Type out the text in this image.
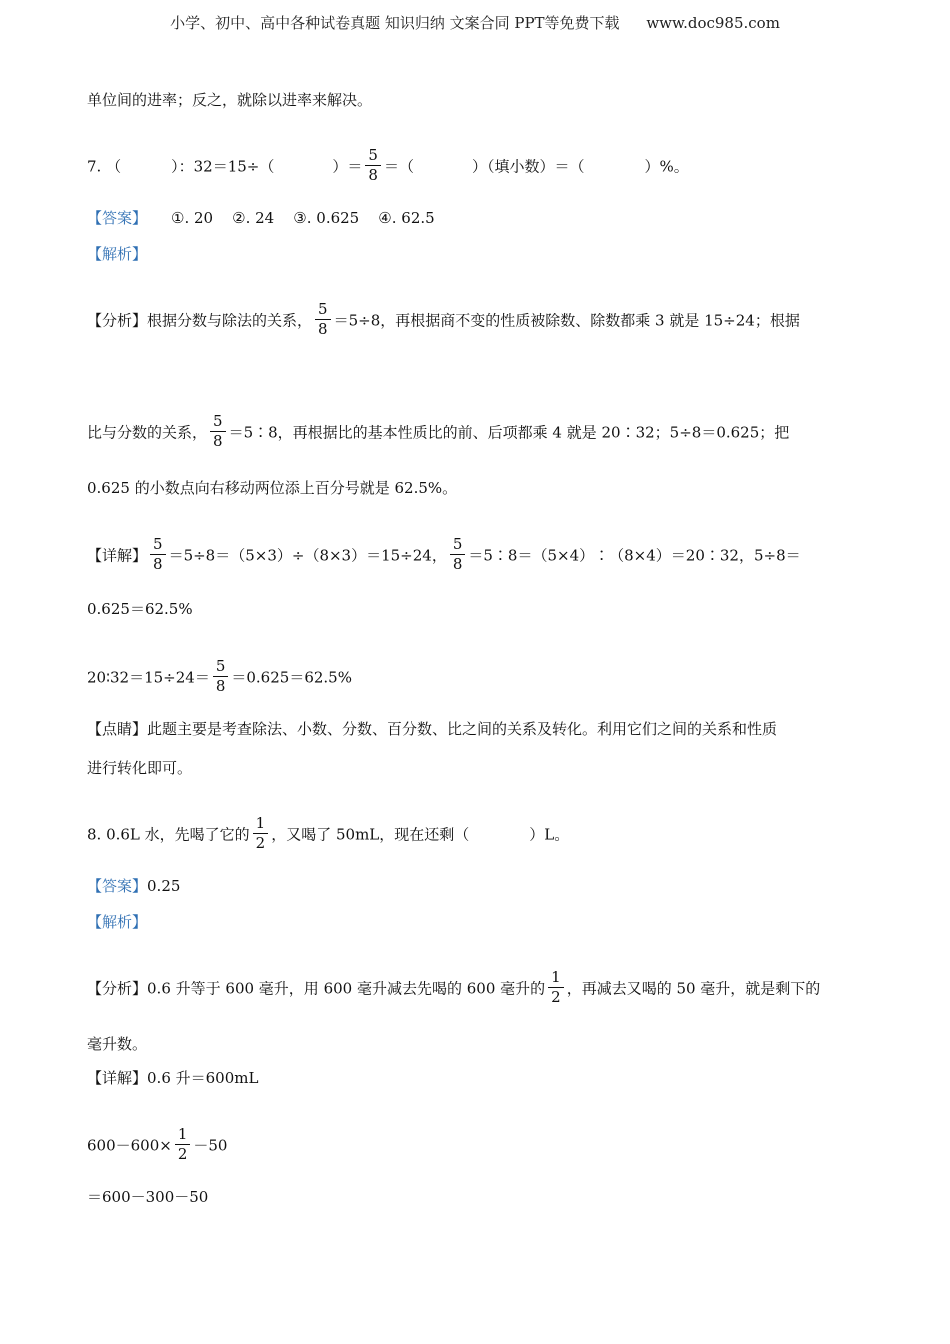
小学、初中、高中各种试卷真题 知识归纳 文案合同 PPT等免费下载 www.doc985.com
单位间的进率；反之，就除以进率来解决。
7. （	）：32＝15÷（	）＝ $\frac{5}{8}$ ＝（	）（填小数）＝（	）%。
【答案】 ①. 20    ②. 24    ③. 0.625    ④. 62.5
【解析】
【分析】根据分数与除法的关系， $\frac{5}{8} =5\div 8$，再根据商不变的性质被除数、除数都乘 3 就是 15÷24；根据
比与分数的关系， $\frac{5}{8}$ ＝5∶8，再根据比的基本性质比的前、后项都乘 4 就是 20∶32；5÷8＝0.625；把
0.625 的小数点向右移动两位添上百分号就是 62.5%。
【详解】 $\frac{5}{8} =5\div 8=(5\times 3)\div(8\times 3)=15\div 24$， $\frac{5}{8}$ ＝5∶8＝（5×4）∶（8×4）＝20∶32，5÷8＝
0.625＝62.5%
20∶32＝15÷24＝ $\frac{5}{8} =0.625=62.5\%$
【点睛】此题主要是考查除法、小数、分数、百分数、比之间的关系及转化。利用它们之间的关系和性质
进行转化即可。
8. 0.6L 水，先喝了它的 $\frac{1}{2}$ ，又喝了 50mL，现在还剩（	）L。
【答案】0.25
【解析】
【分析】0.6 升等于 600 毫升，用 600 毫升减去先喝的 600 毫升的 $\frac{1}{2}$ ，再减去又喝的 50 毫升，就是剩下的
毫升数。
【详解】0.6 升＝600mL
$600-600\times \frac{1}{2} -50$
＝600－300－50
